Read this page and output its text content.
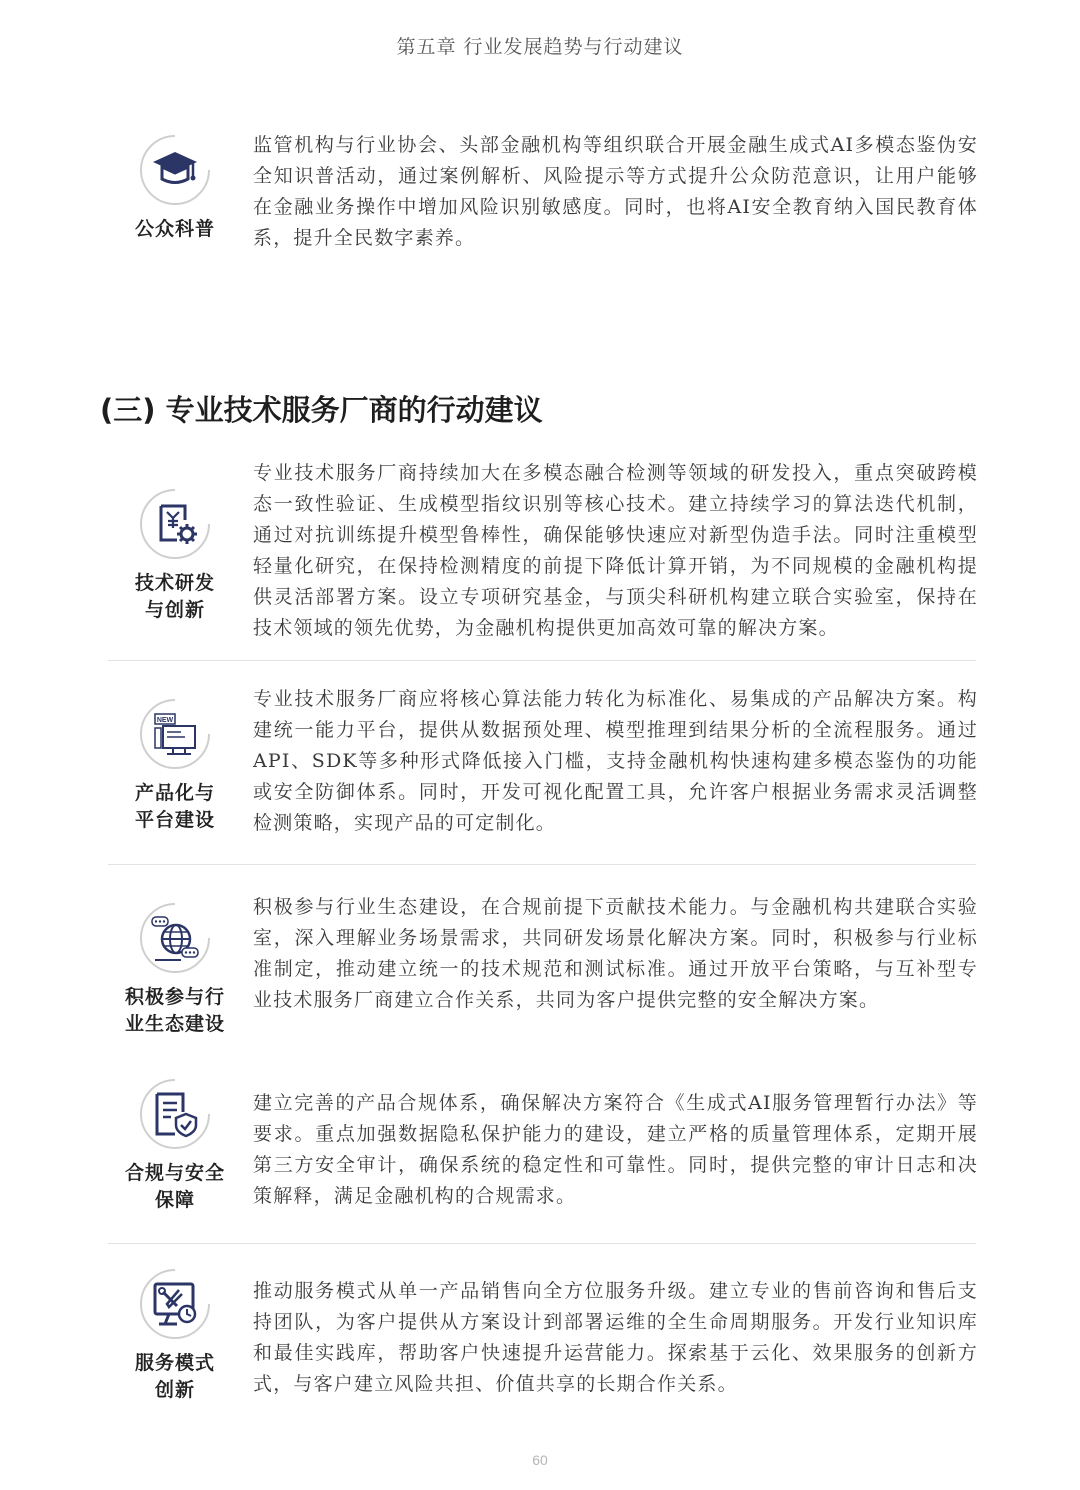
第五章 行业发展趋势与行动建议
公众科普
监管机构与行业协会、头部金融机构等组织联合开展金融生成式AI多模态鉴伪安全知识普活动，通过案例解析、风险提示等方式提升公众防范意识，让用户能够在金融业务操作中增加风险识别敏感度。同时，也将AI安全教育纳入国民教育体系，提升全民数字素养。
(三) 专业技术服务厂商的行动建议
技术研发
与创新
专业技术服务厂商持续加大在多模态融合检测等领域的研发投入，重点突破跨模态一致性验证、生成模型指纹识别等核心技术。建立持续学习的算法迭代机制，通过对抗训练提升模型鲁棒性，确保能够快速应对新型伪造手法。同时注重模型轻量化研究，在保持检测精度的前提下降低计算开销，为不同规模的金融机构提供灵活部署方案。设立专项研究基金，与顶尖科研机构建立联合实验室，保持在技术领域的领先优势，为金融机构提供更加高效可靠的解决方案。
NEW
产品化与
平台建设
专业技术服务厂商应将核心算法能力转化为标准化、易集成的产品解决方案。构建统一能力平台，提供从数据预处理、模型推理到结果分析的全流程服务。通过API、SDK等多种形式降低接入门槛，支持金融机构快速构建多模态鉴伪的功能或安全防御体系。同时，开发可视化配置工具，允许客户根据业务需求灵活调整检测策略，实现产品的可定制化。
积极参与行
业生态建设
积极参与行业生态建设，在合规前提下贡献技术能力。与金融机构共建联合实验室，深入理解业务场景需求，共同研发场景化解决方案。同时，积极参与行业标准制定，推动建立统一的技术规范和测试标准。通过开放平台策略，与互补型专业技术服务厂商建立合作关系，共同为客户提供完整的安全解决方案。
合规与安全
保障
建立完善的产品合规体系，确保解决方案符合《生成式AI服务管理暂行办法》等要求。重点加强数据隐私保护能力的建设，建立严格的质量管理体系，定期开展第三方安全审计，确保系统的稳定性和可靠性。同时，提供完整的审计日志和决策解释，满足金融机构的合规需求。
服务模式
创新
推动服务模式从单一产品销售向全方位服务升级。建立专业的售前咨询和售后支持团队，为客户提供从方案设计到部署运维的全生命周期服务。开发行业知识库和最佳实践库，帮助客户快速提升运营能力。探索基于云化、效果服务的创新方式，与客户建立风险共担、价值共享的长期合作关系。
60
